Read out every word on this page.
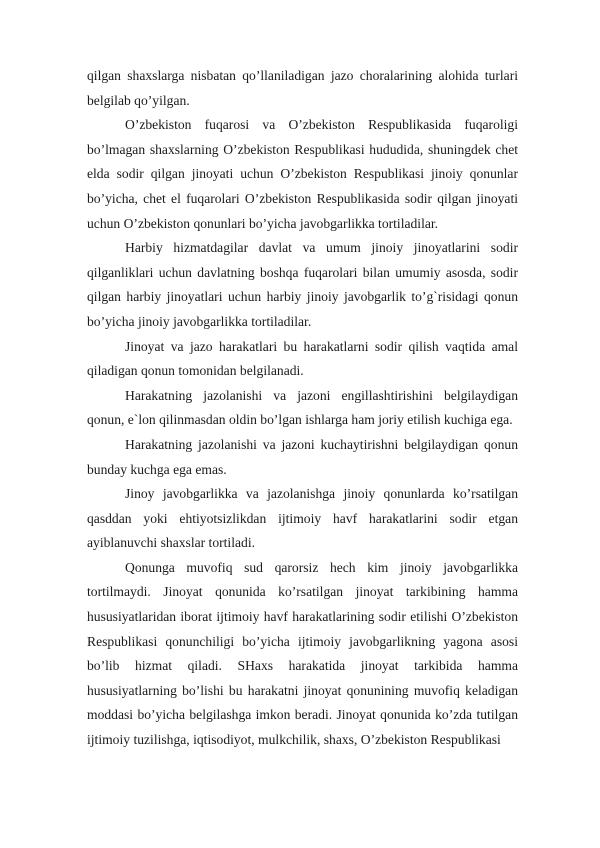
qilgan shaxslarga nisbatan qo’llaniladigan jazo choralarining alohida turlari belgilab qo’yilgan.

O’zbekiston fuqarosi va O’zbekiston Respublikasida fuqaroligi bo’lmagan shaxslarning O’zbekiston Respublikasi hududida, shuningdek chet elda sodir qilgan jinoyati uchun O’zbekiston Respublikasi jinoiy qonunlar bo’yicha, chet el fuqarolari O’zbekiston Respublikasida sodir qilgan jinoyati uchun O’zbekiston qonunlari bo’yicha javobgarlikka tortiladilar.

Harbiy hizmatdagilar davlat va umum jinoiy jinoyatlarini sodir qilganliklari uchun davlatning boshqa fuqarolari bilan umumiy asosda, sodir qilgan harbiy jinoyatlari uchun harbiy jinoiy javobgarlik to’g`risidagi qonun bo’yicha jinoiy javobgarlikka tortiladilar.

Jinoyat va jazo harakatlari bu harakatlarni sodir qilish vaqtida amal qiladigan qonun tomonidan belgilanadi.

Harakatning jazolanishi va jazoni engillashtirishini belgilaydigan qonun, e`lon qilinmasdan oldin bo’lgan ishlarga ham joriy etilish kuchiga ega.

Harakatning jazolanishi va jazoni kuchaytirishni belgilaydigan qonun bunday kuchga ega emas.

Jinoy javobgarlikka va jazolanishga jinoiy qonunlarda ko’rsatilgan qasddan yoki ehtiyotsizlikdan ijtimoiy havf harakatlarini sodir etgan ayiblanuvchi shaxslar tortiladi.

Qonunga muvofiq sud qarorsiz hech kim jinoiy javobgarlikka tortilmaydi. Jinoyat qonunida ko’rsatilgan jinoyat tarkibining hamma hususiyatlaridan iborat ijtimoiy havf harakatlarining sodir etilishi O’zbekiston Respublikasi qonunchiligi bo’yicha ijtimoiy javobgarlikning yagona asosi bo’lib hizmat qiladi. SHaxs harakatida jinoyat tarkibida hamma hususiyatlarning bo’lishi bu harakatni jinoyat qonunining muvofiq keladigan moddasi bo’yicha belgilashga imkon beradi. Jinoyat qonunida ko’zda tutilgan ijtimoiy tuzilishga, iqtisodiyot, mulkchilik, shaxs, O’zbekiston Respublikasi
